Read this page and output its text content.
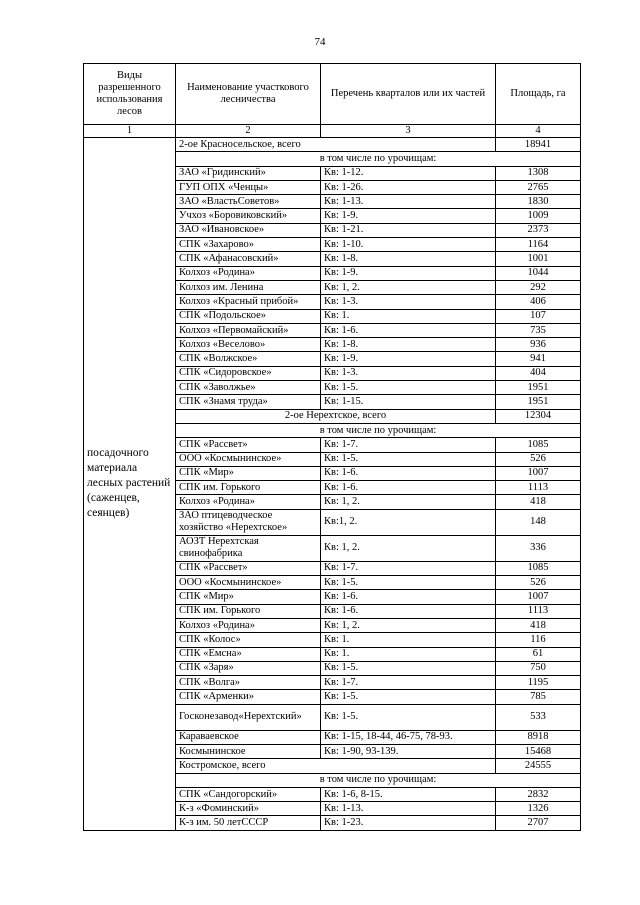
74
Виды разрешенного использования лесов	Наименование участкового лесничества	Перечень кварталов или их частей	Площадь, га
1	2	3	4
посадочного материала лесных растений (саженцев, сеянцев)	2-ое Красносельское, всего		18941
	в том числе по урочищам:		
	ЗАО «Гридинский»	Кв: 1-12.	1308
	ГУП ОПХ «Ченцы»	Кв: 1-26.	2765
	ЗАО «ВластьСоветов»	Кв: 1-13.	1830
	Учхоз «Боровиковский»	Кв: 1-9.	1009
	ЗАО «Ивановское»	Кв: 1-21.	2373
	СПК «Захарово»	Кв: 1-10.	1164
	СПК «Афанасовский»	Кв: 1-8.	1001
	Колхоз «Родина»	Кв: 1-9.	1044
	Колхоз им. Ленина	Кв: 1, 2.	292
	Колхоз «Красный прибой»	Кв: 1-3.	406
	СПК «Подольское»	Кв: 1.	107
	Колхоз «Первомайский»	Кв: 1-6.	735
	Колхоз «Веселово»	Кв: 1-8.	936
	СПК «Волжское»	Кв: 1-9.	941
	СПК «Сидоровское»	Кв: 1-3.	404
	СПК «Заволжье»	Кв: 1-5.	1951
	СПК «Знамя труда»	Кв: 1-15.	1951
	2-ое Нерехтское, всего		12304
	в том числе по урочищам:		
	СПК «Рассвет»	Кв: 1-7.	1085
	ООО «Космынинское»	Кв: 1-5.	526
	СПК «Мир»	Кв: 1-6.	1007
	СПК им. Горького	Кв: 1-6.	1113
	Колхоз «Родина»	Кв: 1, 2.	418
	ЗАО птицеводческое хозяйство «Нерехтское»	Кв:1, 2.	148
	АОЗТ Нерехтская свинофабрика	Кв: 1, 2.	336
	СПК «Рассвет»	Кв: 1-7.	1085
	ООО «Космынинское»	Кв: 1-5.	526
	СПК «Мир»	Кв: 1-6.	1007
	СПК им. Горького	Кв: 1-6.	1113
	Колхоз «Родина»	Кв: 1, 2.	418
	СПК «Колос»	Кв: 1.	116
	СПК «Емсна»	Кв: 1.	61
	СПК «Заря»	Кв: 1-5.	750
	СПК «Волга»	Кв: 1-7.	1195
	СПК «Арменки»	Кв: 1-5.	785
	Госконезавод«Нерехтский»	Кв: 1-5.	533
	Караваевское	Кв: 1-15, 18-44, 46-75, 78-93.	8918
	Космынинское	Кв: 1-90, 93-139.	15468
	Костромское, всего		24555
	в том числе по урочищам:		
	СПК «Сандогорский»	Кв: 1-6, 8-15.	2832
	К-з «Фоминский»	Кв: 1-13.	1326
	К-з им. 50 летСССР	Кв: 1-23.	2707
